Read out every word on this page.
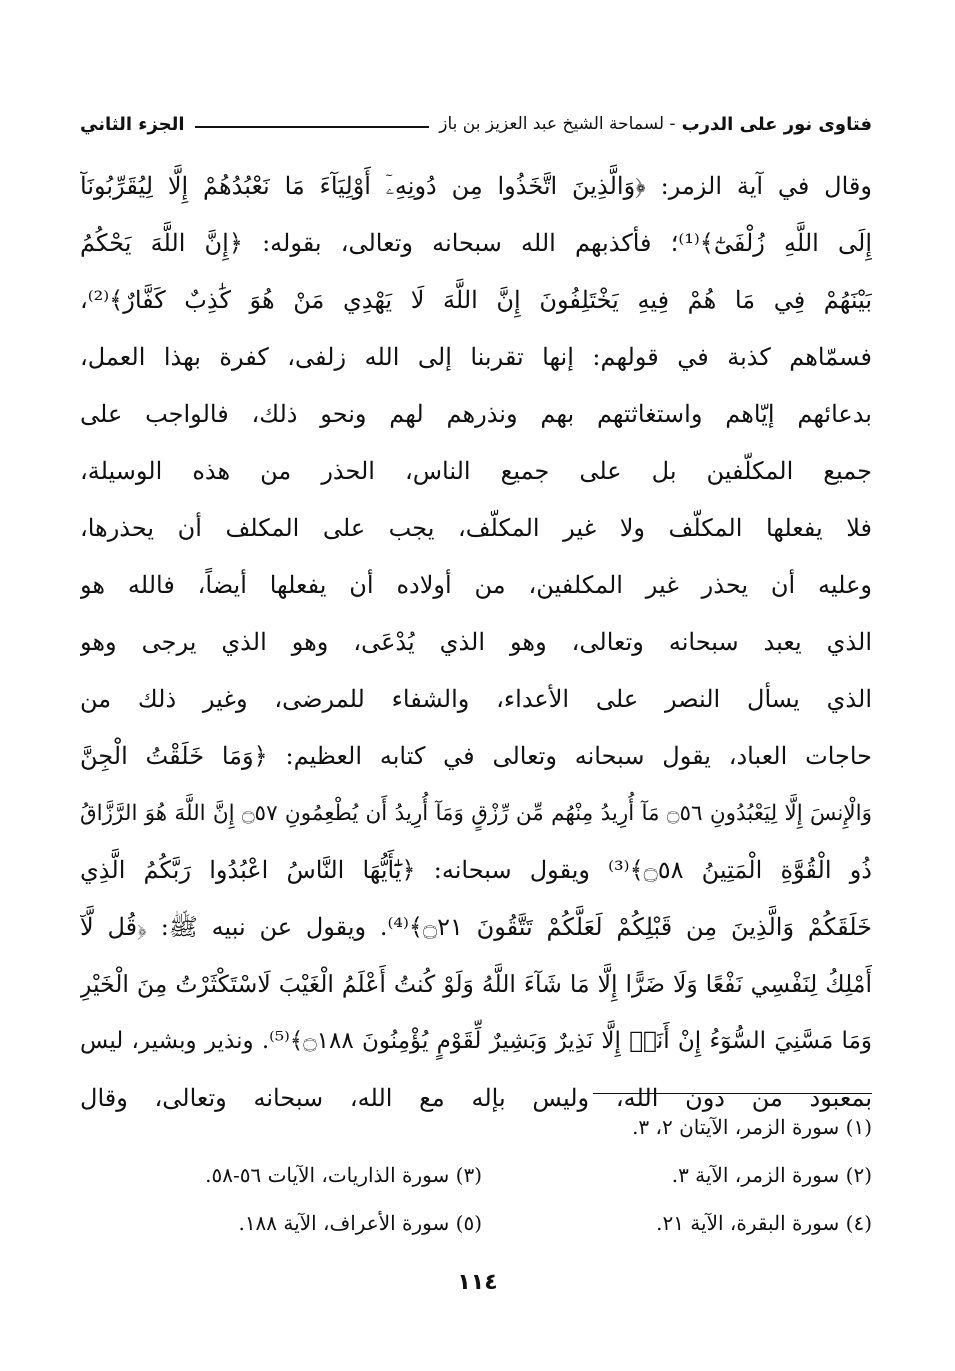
فتاوى نور على الدرب
- لسماحة الشيخ عبد العزيز بن باز
الجزء الثاني
وقال في آية الزمر: ﴿وَالَّذِينَ اتَّخَذُوا مِن دُونِهِۦٓ أَوْلِيَآءَ مَا نَعْبُدُهُمْ إِلَّا لِيُقَرِّبُونَآ
إِلَى اللَّهِ زُلْفَىٰٓ﴾⁽¹⁾؛ فأكذبهم الله سبحانه وتعالى، بقوله: ﴿إِنَّ اللَّهَ يَحْكُمُ
بَيْنَهُمْ فِي مَا هُمْ فِيهِ يَخْتَلِفُونَ إِنَّ اللَّهَ لَا يَهْدِي مَنْ هُوَ كَٰذِبٌ كَفَّارٌ﴾⁽²⁾،
فسمّاهم كذبة في قولهم: إنها تقربنا إلى الله زلفى، كفرة بهذا العمل،
بدعائهم إيّاهم واستغاثتهم بهم ونذرهم لهم ونحو ذلك، فالواجب على
جميع المكلّفين بل على جميع الناس، الحذر من هذه الوسيلة،
فلا يفعلها المكلّف ولا غير المكلّف، يجب على المكلف أن يحذرها،
وعليه أن يحذر غير المكلفين، من أولاده أن يفعلها أيضاً، فالله هو
الذي يعبد سبحانه وتعالى، وهو الذي يُدْعَى، وهو الذي يرجى وهو
الذي يسأل النصر على الأعداء، والشفاء للمرضى، وغير ذلك من
حاجات العباد، يقول سبحانه وتعالى في كتابه العظيم: ﴿وَمَا خَلَقْتُ الْجِنَّ
وَالْإِنسَ إِلَّا لِيَعْبُدُونِ ۝٥٦ مَآ أُرِيدُ مِنْهُم مِّن رِّزْقٍ وَمَآ أُرِيدُ أَن يُطْعِمُونِ ۝٥٧ إِنَّ اللَّهَ هُوَ الرَّزَّاقُ
ذُو الْقُوَّةِ الْمَتِينُ ۝٥٨﴾⁽³⁾ ويقول سبحانه: ﴿يَٰٓأَيُّهَا النَّاسُ اعْبُدُوا رَبَّكُمُ الَّذِي
خَلَقَكُمْ وَالَّذِينَ مِن قَبْلِكُمْ لَعَلَّكُمْ تَتَّقُونَ ۝٢١﴾⁽⁴⁾. ويقول عن نبيه ﷺ: ﴿قُل لَّآ
أَمْلِكُ لِنَفْسِي نَفْعًا وَلَا ضَرًّا إِلَّا مَا شَآءَ اللَّهُ وَلَوْ كُنتُ أَعْلَمُ الْغَيْبَ لَاسْتَكْثَرْتُ مِنَ الْخَيْرِ
وَمَا مَسَّنِيَ السُّوٓءُ إِنْ أَنَا۠ إِلَّا نَذِيرٌ وَبَشِيرٌ لِّقَوْمٍ يُؤْمِنُونَ ۝١٨٨﴾⁽⁵⁾. ونذير وبشير، ليس
بمعبود من دون الله، وليس بإله مع الله، سبحانه وتعالى، وقال
(١) سورة الزمر، الآيتان ٢، ٣.
(٢) سورة الزمر، الآية ٣.
(٣) سورة الذاريات، الآيات ٥٦-٥٨.
(٤) سورة البقرة، الآية ٢١.
(٥) سورة الأعراف، الآية ١٨٨.
١١٤
